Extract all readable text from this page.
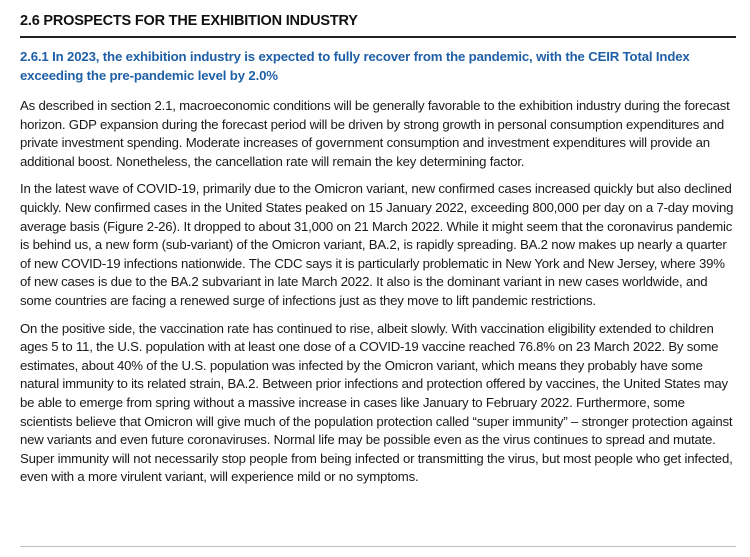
2.6 PROSPECTS FOR THE EXHIBITION INDUSTRY
2.6.1 In 2023, the exhibition industry is expected to fully recover from the pandemic, with the CEIR Total Index exceeding the pre-pandemic level by 2.0%

As described in section 2.1, macroeconomic conditions will be generally favorable to the exhibition industry during the forecast horizon. GDP expansion during the forecast period will be driven by strong growth in personal consumption expenditures and private investment spending. Moderate increases of government consumption and investment expenditures will provide an additional boost. Nonetheless, the cancellation rate will remain the key determining factor.

In the latest wave of COVID-19, primarily due to the Omicron variant, new confirmed cases increased quickly but also declined quickly. New confirmed cases in the United States peaked on 15 January 2022, exceeding 800,000 per day on a 7-day moving average basis (Figure 2-26). It dropped to about 31,000 on 21 March 2022. While it might seem that the coronavirus pandemic is behind us, a new form (sub-variant) of the Omicron variant, BA.2, is rapidly spreading. BA.2 now makes up nearly a quarter of new COVID-19 infections nationwide. The CDC says it is particularly problematic in New York and New Jersey, where 39% of new cases is due to the BA.2 subvariant in late March 2022. It also is the dominant variant in new cases worldwide, and some countries are facing a renewed surge of infections just as they move to lift pandemic restrictions.

On the positive side, the vaccination rate has continued to rise, albeit slowly. With vaccination eligibility extended to children ages 5 to 11, the U.S. population with at least one dose of a COVID-19 vaccine reached 76.8% on 23 March 2022. By some estimates, about 40% of the U.S. population was infected by the Omicron variant, which means they probably have some natural immunity to its related strain, BA.2. Between prior infections and protection offered by vaccines, the United States may be able to emerge from spring without a massive increase in cases like January to February 2022. Furthermore, some scientists believe that Omicron will give much of the population protection called “super immunity” – stronger protection against new variants and even future coronaviruses. Normal life may be possible even as the virus continues to spread and mutate. Super immunity will not necessarily stop people from being infected or transmitting the virus, but most people who get infected, even with a more virulent variant, will experience mild or no symptoms.
